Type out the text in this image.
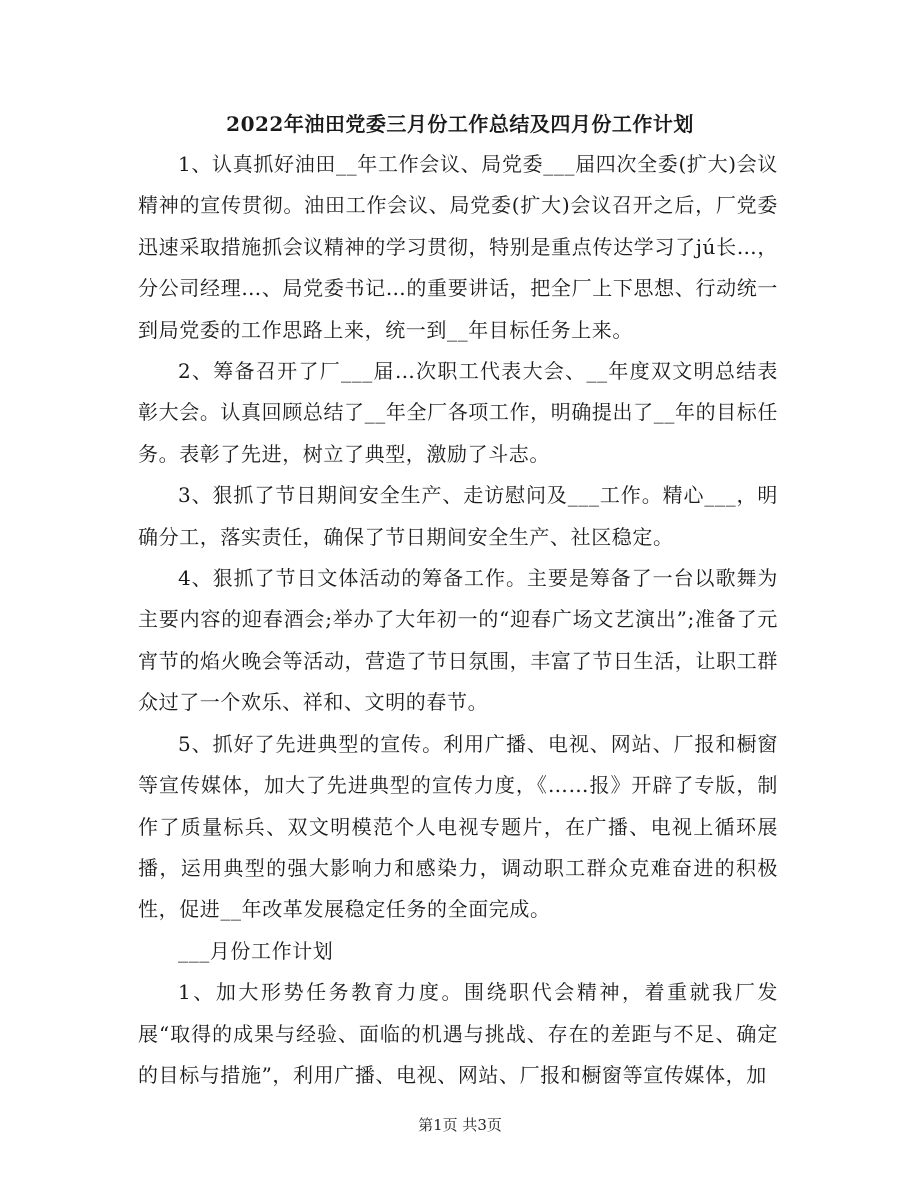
2022年油田党委三月份工作总结及四月份工作计划

1、认真抓好油田__年工作会议、局党委___届四次全委(扩大)会议精神的宣传贯彻。油田工作会议、局党委(扩大)会议召开之后，厂党委迅速采取措施抓会议精神的学习贯彻，特别是重点传达学习了jú长…，分公司经理…、局党委书记…的重要讲话，把全厂上下思想、行动统一到局党委的工作思路上来，统一到__年目标任务上来。

2、筹备召开了厂___届…次职工代表大会、__年度双文明总结表彰大会。认真回顾总结了__年全厂各项工作，明确提出了__年的目标任务。表彰了先进，树立了典型，激励了斗志。

3、狠抓了节日期间安全生产、走访慰问及___工作。精心___，明确分工，落实责任，确保了节日期间安全生产、社区稳定。

4、狠抓了节日文体活动的筹备工作。主要是筹备了一台以歌舞为主要内容的迎春酒会;举办了大年初一的“迎春广场文艺演出”;准备了元宵节的焰火晚会等活动，营造了节日氛围，丰富了节日生活，让职工群众过了一个欢乐、祥和、文明的春节。

5、抓好了先进典型的宣传。利用广播、电视、网站、厂报和橱窗等宣传媒体，加大了先进典型的宣传力度，《……报》开辟了专版，制作了质量标兵、双文明模范个人电视专题片，在广播、电视上循环展播，运用典型的强大影响力和感染力，调动职工群众克难奋进的积极性，促进__年改革发展稳定任务的全面完成。

___月份工作计划

1、加大形势任务教育力度。围绕职代会精神，着重就我厂发展“取得的成果与经验、面临的机遇与挑战、存在的差距与不足、确定的目标与措施”，利用广播、电视、网站、厂报和橱窗等宣传媒体，加

第1页 共3页
